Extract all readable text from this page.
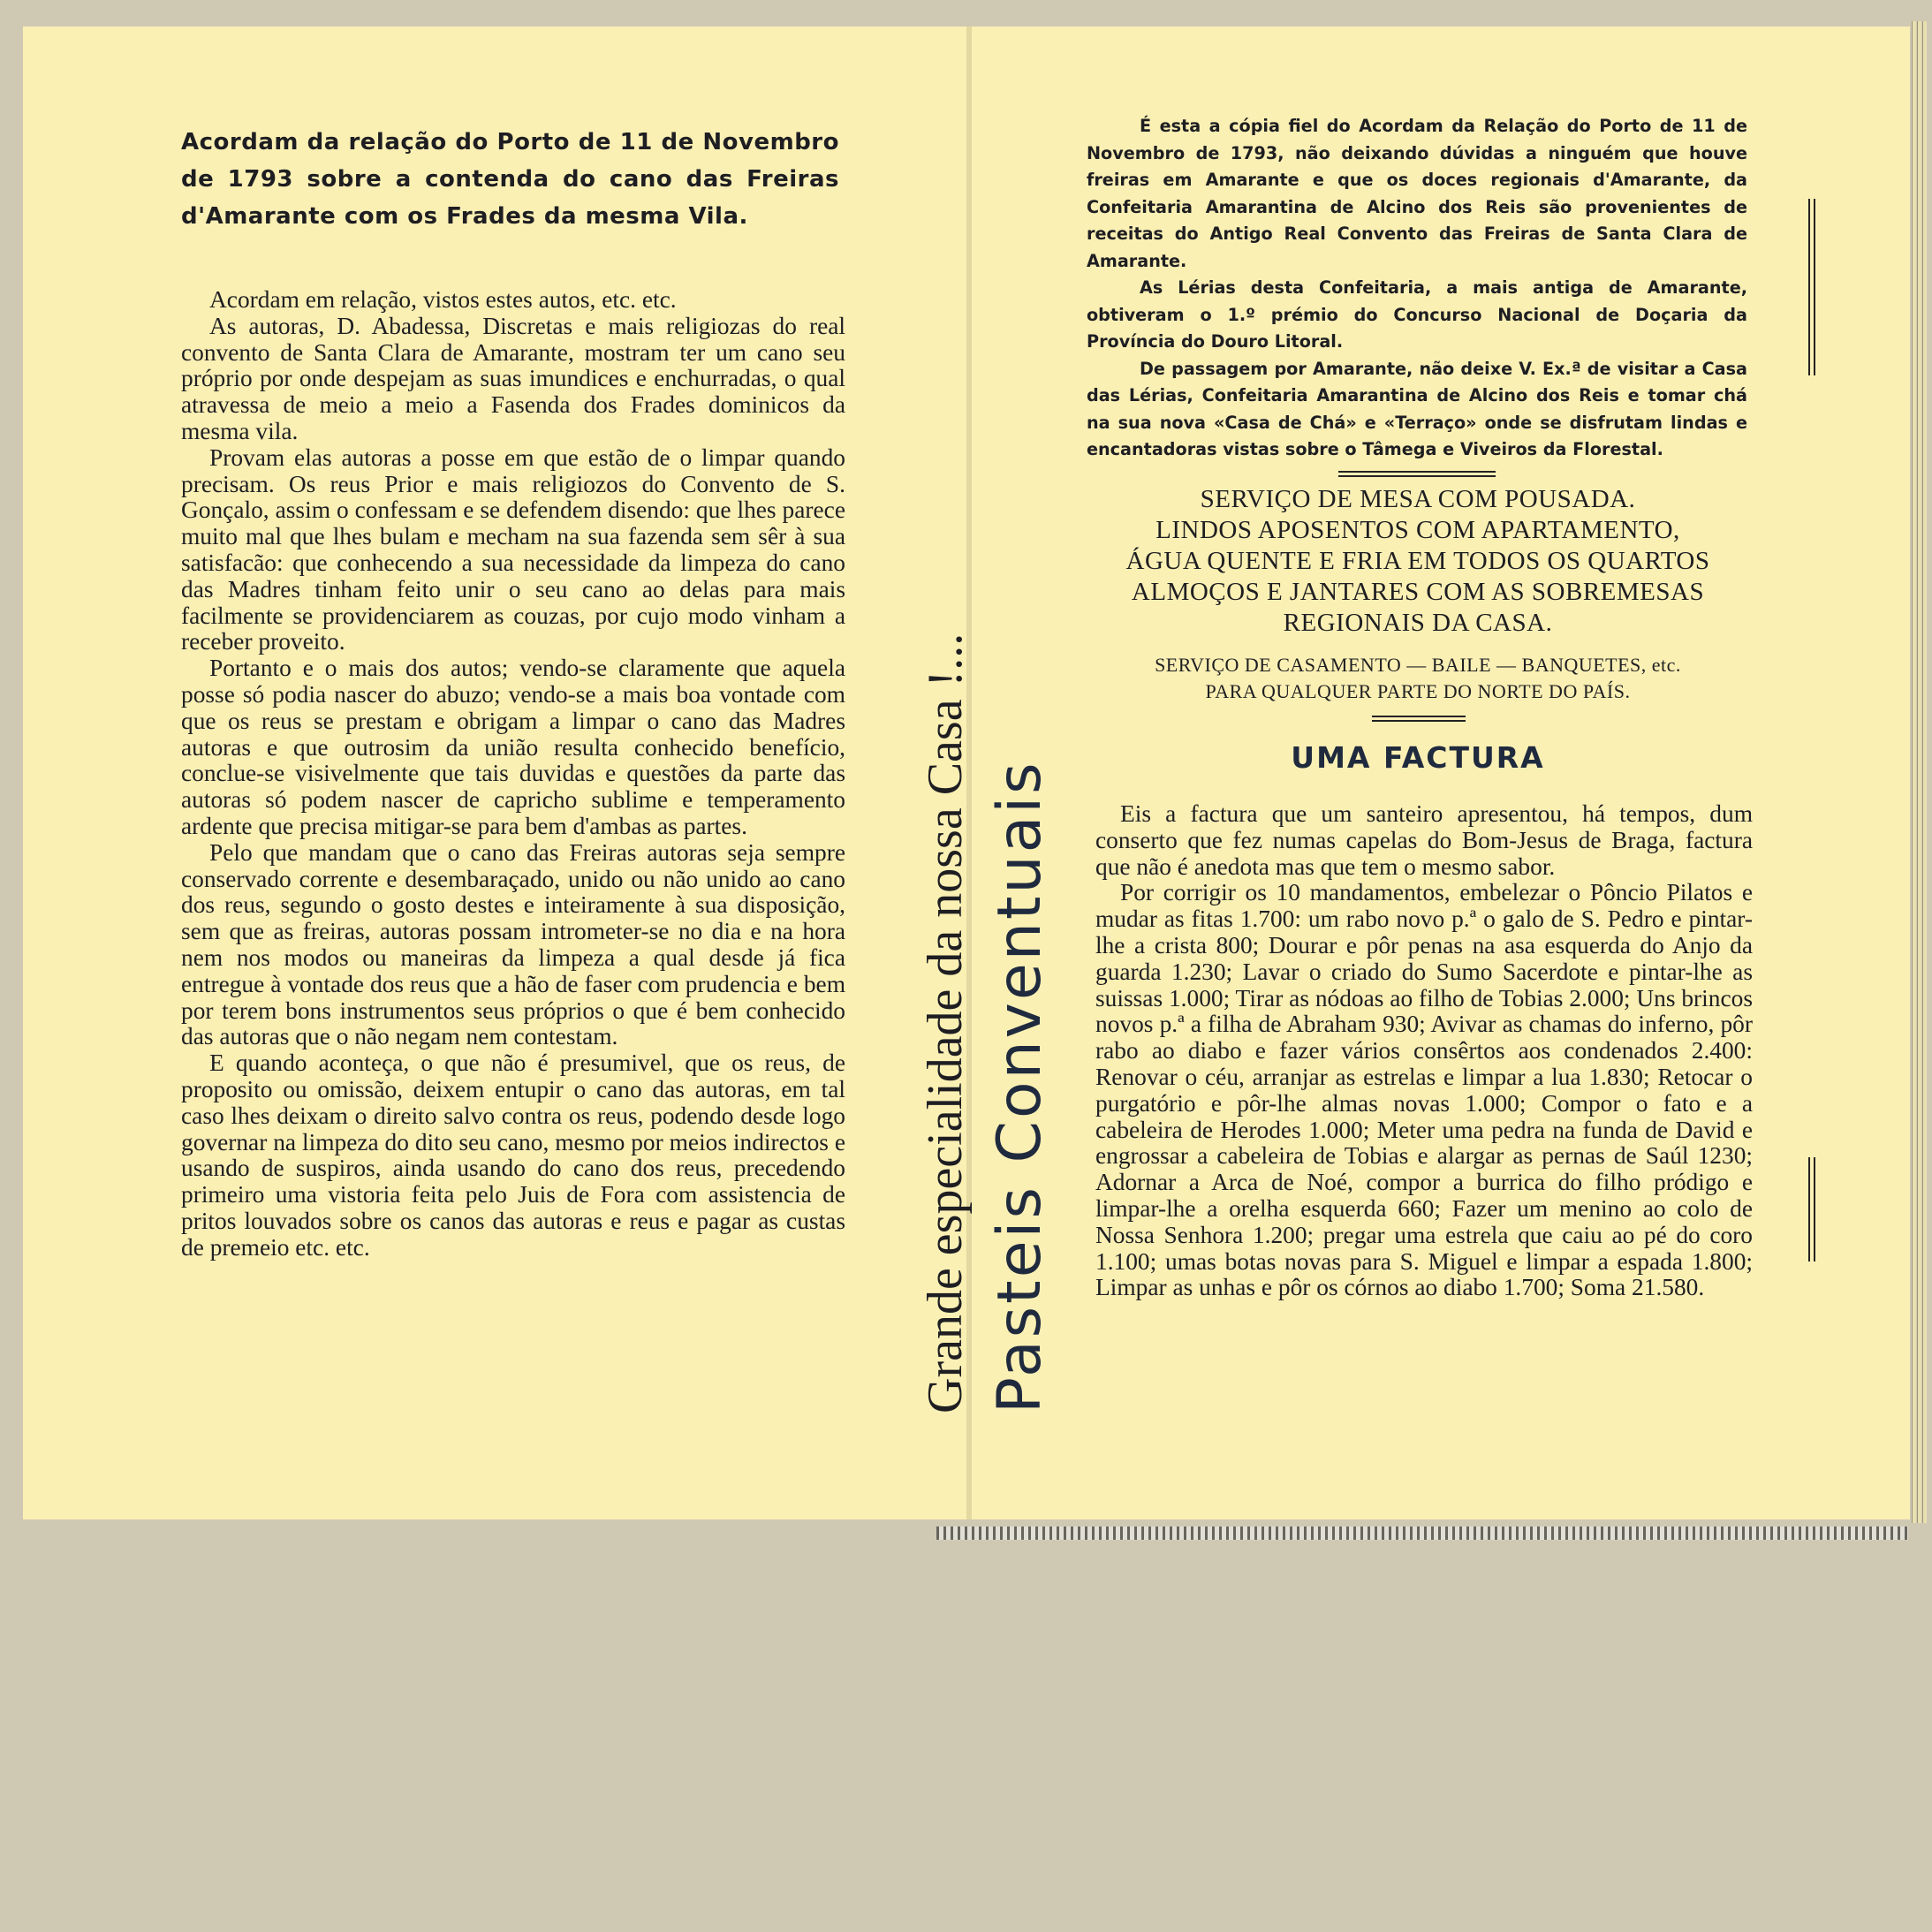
Acordam da relação do Porto de 11 de Novembro de 1793 sobre a contenda do cano das Freiras d'Amarante com os Frades da mesma Vila.

Acordam em relação, vistos estes autos, etc. etc.

As autoras, D. Abadessa, Discretas e mais religiozas do real convento de Santa Clara de Amarante, mostram ter um cano seu próprio por onde despejam as suas imundices e enchurradas, o qual atravessa de meio a meio a Fasenda dos Frades dominicos da mesma vila.

Provam elas autoras a posse em que estão de o limpar quando precisam. Os reus Prior e mais religiozos do Convento de S. Gonçalo, assim o confessam e se defendem disendo: que lhes parece muito mal que lhes bulam e mecham na sua fazenda sem sêr à sua satisfacão: que conhecendo a sua necessidade da limpeza do cano das Madres tinham feito unir o seu cano ao delas para mais facilmente se providenciarem as couzas, por cujo modo vinham a receber proveito.

Portanto e o mais dos autos; vendo-se claramente que aquela posse só podia nascer do abuzo; vendo-se a mais boa vontade com que os reus se prestam e obrigam a limpar o cano das Madres autoras e que outrosim da união resulta conhecido benefício, conclue-se visivelmente que tais duvidas e questões da parte das autoras só podem nascer de capricho sublime e temperamento ardente que precisa mitigar-se para bem d'ambas as partes.

Pelo que mandam que o cano das Freiras autoras seja sempre conservado corrente e desembaraçado, unido ou não unido ao cano dos reus, segundo o gosto destes e inteiramente à sua disposição, sem que as freiras, autoras possam intrometer-se no dia e na hora nem nos modos ou maneiras da limpeza a qual desde já fica entregue à vontade dos reus que a hão de faser com prudencia e bem por terem bons instrumentos seus próprios o que é bem conhecido das autoras que o não negam nem contestam.

E quando aconteça, o que não é presumivel, que os reus, de proposito ou omissão, deixem entupir o cano das autoras, em tal caso lhes deixam o direito salvo contra os reus, podendo desde logo governar na limpeza do dito seu cano, mesmo por meios indirectos e usando de suspiros, ainda usando do cano dos reus, precedendo primeiro uma vistoria feita pelo Juis de Fora com assistencia de pritos louvados sobre os canos das autoras e reus e pagar as custas de premeio etc. etc.	Grande especialidade da nossa Casa !... Pasteis Conventuais

É esta a cópia fiel do Acordam da Relação do Porto de 11 de Novembro de 1793, não deixando dúvidas a ninguém que houve freiras em Amarante e que os doces regionais d'Amarante, da Confeitaria Amarantina de Alcino dos Reis são provenientes de receitas do Antigo Real Convento das Freiras de Santa Clara de Amarante.

As Lérias desta Confeitaria, a mais antiga de Amarante, obtiveram o 1.º prémio do Concurso Nacional de Doçaria da Província do Douro Litoral.

De passagem por Amarante, não deixe V. Ex.ª de visitar a Casa das Lérias, Confeitaria Amarantina de Alcino dos Reis e tomar chá na sua nova «Casa de Chá» e «Terraço» onde se disfrutam lindas e encantadoras vistas sobre o Tâmega e Viveiros da Florestal.

SERVIÇO DE MESA COM POUSADA.
LINDOS APOSENTOS COM APARTAMENTO,
ÁGUA QUENTE E FRIA EM TODOS OS QUARTOS
ALMOÇOS E JANTARES COM AS SOBREMESAS
REGIONAIS DA CASA.
SERVIÇO DE CASAMENTO — BAILE — BANQUETES, etc.
PARA QUALQUER PARTE DO NORTE DO PAÍS.
UMA FACTURA

Eis a factura que um santeiro apresentou, há tempos, dum conserto que fez numas capelas do Bom-Jesus de Braga, factura que não é anedota mas que tem o mesmo sabor.

Por corrigir os 10 mandamentos, embelezar o Pôncio Pilatos e mudar as fitas 1.700: um rabo novo p.ª o galo de S. Pedro e pintar-lhe a crista 800; Dourar e pôr penas na asa esquerda do Anjo da guarda 1.230; Lavar o criado do Sumo Sacerdote e pintar-lhe as suissas 1.000; Tirar as nódoas ao filho de Tobias 2.000; Uns brincos novos p.ª a filha de Abraham 930; Avivar as chamas do inferno, pôr rabo ao diabo e fazer vários consêrtos aos condenados 2.400: Renovar o céu, arranjar as estrelas e limpar a lua 1.830; Retocar o purgatório e pôr-lhe almas novas 1.000; Compor o fato e a cabeleira de Herodes 1.000; Meter uma pedra na funda de David e engrossar a cabeleira de Tobias e alargar as pernas de Saúl 1230; Adornar a Arca de Noé, compor a burrica do filho pródigo e limpar-lhe a orelha esquerda 660; Fazer um menino ao colo de Nossa Senhora 1.200; pregar uma estrela que caiu ao pé do coro 1.100; umas botas novas para S. Miguel e limpar a espada 1.800; Limpar as unhas e pôr os córnos ao diabo 1.700; Soma 21.580.
